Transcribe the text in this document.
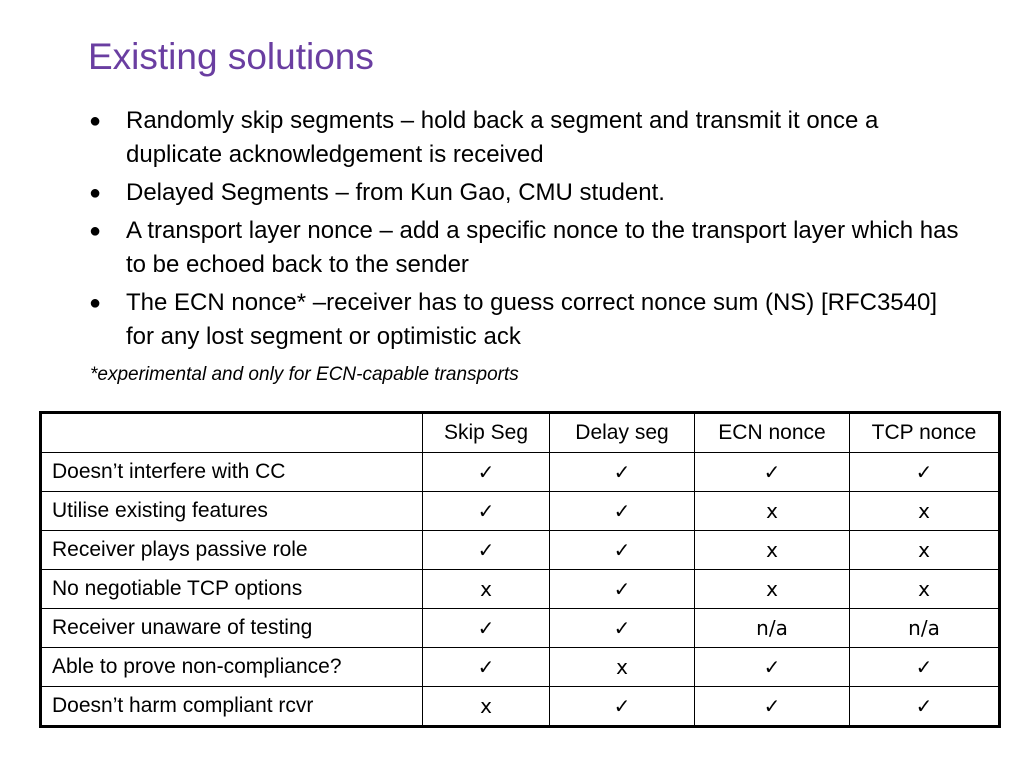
Existing solutions
● Randomly skip segments – hold back a segment and transmit it once a duplicate acknowledgement is received
● Delayed Segments – from Kun Gao, CMU student.
● A transport layer nonce – add a specific nonce to the transport layer which has to be echoed back to the sender
● The ECN nonce* –receiver has to guess correct nonce sum (NS) [RFC3540] for any lost segment or optimistic ack
*experimental and only for ECN-capable transports
	Skip Seg	Delay seg	ECN nonce	TCP nonce
Doesn’t interfere with CC	✓	✓	✓	✓
Utilise existing features	✓	✓	x	x
Receiver plays passive role	✓	✓	x	x
No negotiable TCP options	x	✓	x	x
Receiver unaware of testing	✓	✓	n/a	n/a
Able to prove non-compliance?	✓	x	✓	✓
Doesn’t harm compliant rcvr	x	✓	✓	✓
